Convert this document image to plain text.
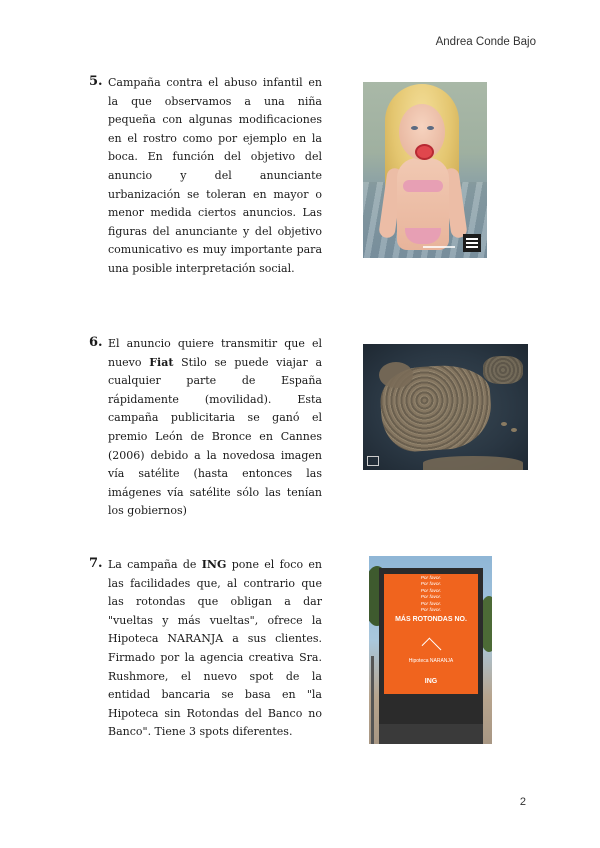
Andrea Conde Bajo
5. Campaña contra el abuso infantil en la que observamos a una niña pequeña con algunas modificaciones en el rostro como por ejemplo en la boca. En función del objetivo del anuncio y del anunciante urbanización se toleran en mayor o menor medida ciertos anuncios. Las figuras del anunciante y del objetivo comunicativo es muy importante para una posible interpretación social.

6. El anuncio quiere transmitir que el nuevo Fiat Stilo se puede viajar a cualquier parte de España rápidamente (movilidad). Esta campaña publicitaria se ganó el premio León de Bronce en Cannes (2006) debido a la novedosa imagen vía satélite (hasta entonces las imágenes vía satélite sólo las tenían los gobiernos)

7. La campaña de ING pone el foco en las facilidades que, al contrario que las rotondas que obligan a dar "vueltas y más vueltas", ofrece la Hipoteca NARANJA a sus clientes. Firmado por la agencia creativa Sra. Rushmore, el nuevo spot de la entidad bancaria se basa en "la Hipoteca sin Rotondas del Banco no Banco". Tiene 3 spots diferentes.

Por favor.
Por favor.
Por favor.
Por favor.
Por favor.
Por favor.
MÁS ROTONDAS NO.
Hipoteca NARANJA
ING
2
